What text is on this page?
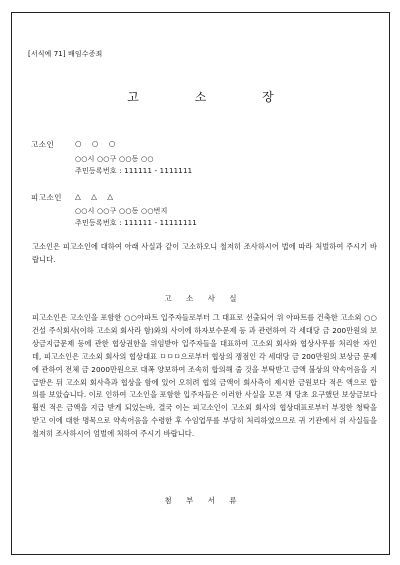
[서식예 71] 배임수증죄
고 소 장
고소인	○ ○ ○
○○시 ○○구 ○○동 ○○
주민등록번호 : 111111 - 1111111
피고소인 △ △ △
○○시 ○○구 ○○동 ○○번지
주민등록번호 : 111111 - 11111111
고소인은 피고소인에 대하여 아래 사실과 같이 고소하오니 철저히 조사하시어 법에 따라 처벌하여 주시기 바랍니다.
고 소 사 실
피고소인은 고소인을 포함한 ○○아파트 입주자들로부터 그 대표로 선출되어 위 아파트를 건축한 고소외 ○○건설 주식회사(이하 고소외 회사라 함)와의 사이에 하자보수문제 등 과 관련하여 각 세대당 금 200만원의 보상금지급문제 등에 관한 협상권한을 위임받아 입주자들을 대표하여 고소외 회사와 협상사무를 처리한 자인데, 피고소인은 고소외 회사의 협상대표 ㅁㅁㅁ으로부터 협상의 쟁점인 각 세대당 금 200만원의 보상금 문제에 관하여 전체 금 2000만원으로 대폭 양보하여 조속히 합의해 줄 것을 부탁받고 금액 불상의 약속어음을 지급받은 뒤 고소외 회사측과 협상을 함에 있어 오히려 협의 금액이 회사측이 제시한 금원보다 적은 액으로 합의를 보았습니다. 이로 인하여 고소인을 포함한 입주자들은 이러한 사실을 모른 채 당초 요구했던 보상금보다 훨씬 적은 금액을 지급 받게 되었는바, 결국 이는 피고소인이 고소외 회사의 협상대표로부터 부정한 청탁을 받고 이에 대한 명목으로 약속어음을 수령한 후 수임업무를 부당히 처리하였으므로 귀 기관에서 위 사실들을 철저히 조사하시어 엄벌에 처하여 주시기 바랍니다.
첨 부 서 류
